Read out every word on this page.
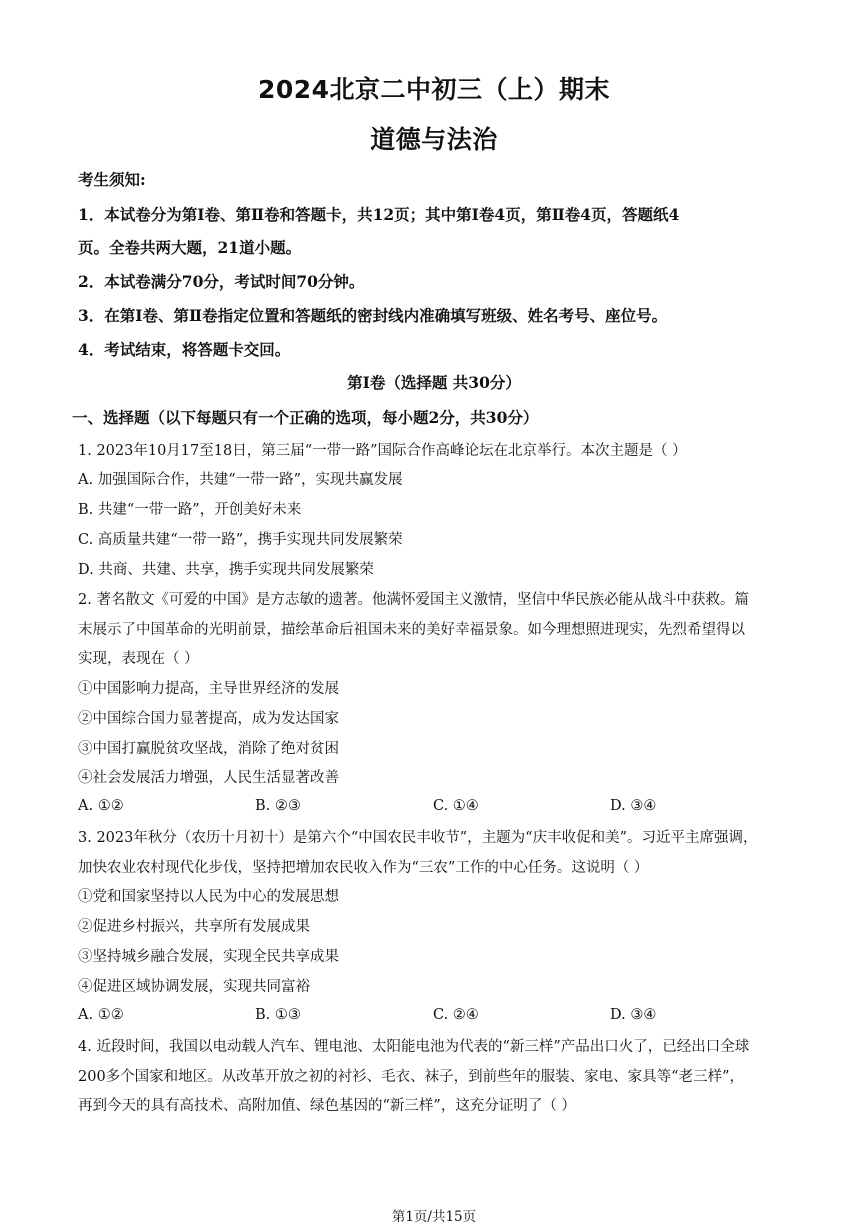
2024北京二中初三（上）期末
道德与法治
考生须知:
1．本试卷分为第Ⅰ卷、第Ⅱ卷和答题卡，共12页；其中第Ⅰ卷4页，第Ⅱ卷4页，答题纸4
页。全卷共两大题，21道小题。
2．本试卷满分70分，考试时间70分钟。
3．在第Ⅰ卷、第Ⅱ卷指定位置和答题纸的密封线内准确填写班级、姓名考号、座位号。
4．考试结束，将答题卡交回。
第Ⅰ卷（选择题 共30分）
一、选择题（以下每题只有一个正确的选项，每小题2分，共30分）
1. 2023年10月17至18日，第三届“一带一路”国际合作高峰论坛在北京举行。本次主题是（ ）
A. 加强国际合作，共建“一带一路”，实现共赢发展
B. 共建“一带一路”，开创美好未来
C. 高质量共建“一带一路”，携手实现共同发展繁荣
D. 共商、共建、共享，携手实现共同发展繁荣
2. 著名散文《可爱的中国》是方志敏的遗著。他满怀爱国主义激情，坚信中华民族必能从战斗中获救。篇
末展示了中国革命的光明前景，描绘革命后祖国未来的美好幸福景象。如今理想照进现实，先烈希望得以
实现，表现在（ ）
①中国影响力提高，主导世界经济的发展
②中国综合国力显著提高，成为发达国家
③中国打赢脱贫攻坚战，消除了绝对贫困
④社会发展活力增强，人民生活显著改善
A. ①②	B. ②③	C. ①④	D. ③④
3. 2023年秋分（农历十月初十）是第六个“中国农民丰收节”，主题为“庆丰收促和美”。习近平主席强调，
加快农业农村现代化步伐，坚持把增加农民收入作为“三农”工作的中心任务。这说明（ ）
①党和国家坚持以人民为中心的发展思想
②促进乡村振兴，共享所有发展成果
③坚持城乡融合发展，实现全民共享成果
④促进区域协调发展，实现共同富裕
A. ①②	B. ①③	C. ②④	D. ③④
4. 近段时间，我国以电动载人汽车、锂电池、太阳能电池为代表的“新三样”产品出口火了，已经出口全球
200多个国家和地区。从改革开放之初的衬衫、毛衣、袜子，到前些年的服装、家电、家具等“老三样”，
再到今天的具有高技术、高附加值、绿色基因的“新三样”，这充分证明了（ ）
第1页/共15页
